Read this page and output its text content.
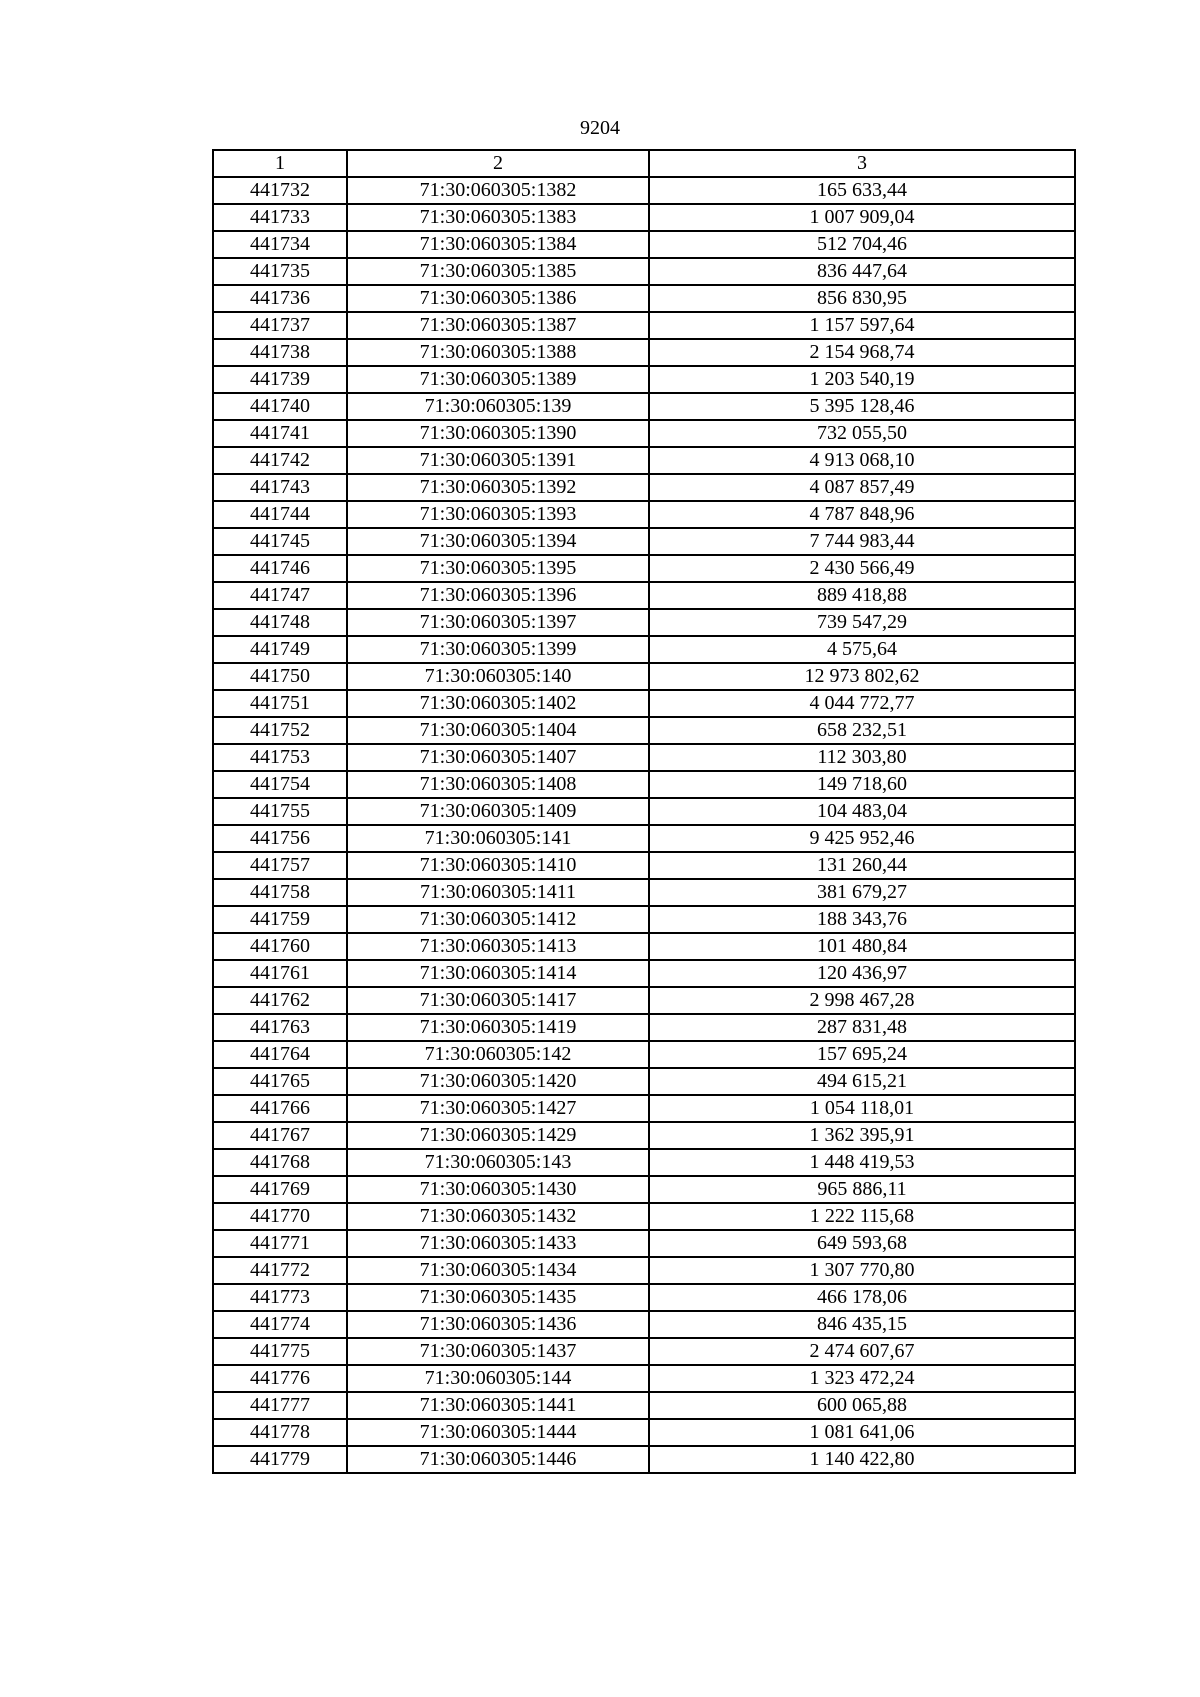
9204
1	2	3
441732	71:30:060305:1382	165 633,44
441733	71:30:060305:1383	1 007 909,04
441734	71:30:060305:1384	512 704,46
441735	71:30:060305:1385	836 447,64
441736	71:30:060305:1386	856 830,95
441737	71:30:060305:1387	1 157 597,64
441738	71:30:060305:1388	2 154 968,74
441739	71:30:060305:1389	1 203 540,19
441740	71:30:060305:139	5 395 128,46
441741	71:30:060305:1390	732 055,50
441742	71:30:060305:1391	4 913 068,10
441743	71:30:060305:1392	4 087 857,49
441744	71:30:060305:1393	4 787 848,96
441745	71:30:060305:1394	7 744 983,44
441746	71:30:060305:1395	2 430 566,49
441747	71:30:060305:1396	889 418,88
441748	71:30:060305:1397	739 547,29
441749	71:30:060305:1399	4 575,64
441750	71:30:060305:140	12 973 802,62
441751	71:30:060305:1402	4 044 772,77
441752	71:30:060305:1404	658 232,51
441753	71:30:060305:1407	112 303,80
441754	71:30:060305:1408	149 718,60
441755	71:30:060305:1409	104 483,04
441756	71:30:060305:141	9 425 952,46
441757	71:30:060305:1410	131 260,44
441758	71:30:060305:1411	381 679,27
441759	71:30:060305:1412	188 343,76
441760	71:30:060305:1413	101 480,84
441761	71:30:060305:1414	120 436,97
441762	71:30:060305:1417	2 998 467,28
441763	71:30:060305:1419	287 831,48
441764	71:30:060305:142	157 695,24
441765	71:30:060305:1420	494 615,21
441766	71:30:060305:1427	1 054 118,01
441767	71:30:060305:1429	1 362 395,91
441768	71:30:060305:143	1 448 419,53
441769	71:30:060305:1430	965 886,11
441770	71:30:060305:1432	1 222 115,68
441771	71:30:060305:1433	649 593,68
441772	71:30:060305:1434	1 307 770,80
441773	71:30:060305:1435	466 178,06
441774	71:30:060305:1436	846 435,15
441775	71:30:060305:1437	2 474 607,67
441776	71:30:060305:144	1 323 472,24
441777	71:30:060305:1441	600 065,88
441778	71:30:060305:1444	1 081 641,06
441779	71:30:060305:1446	1 140 422,80
